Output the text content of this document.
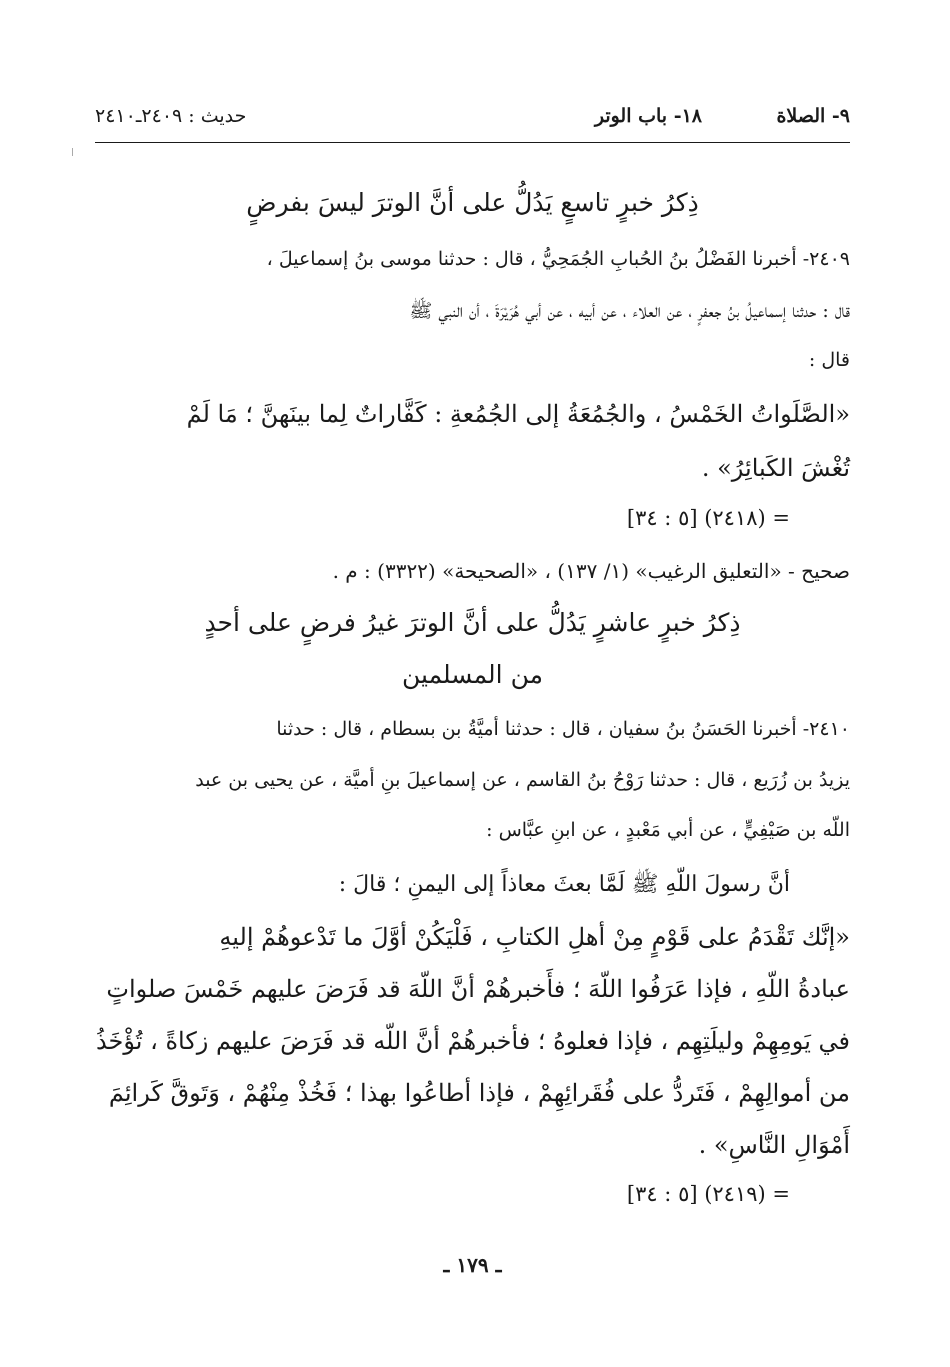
٩- الصلاة
١٨- باب الوتر
حديث : ٢٤٠٩ـ٢٤١٠
ذِكرُ خبرٍ تاسعٍ يَدُلُّ على أنَّ الوترَ ليسَ بفرضٍ
٢٤٠٩- أخبرنا الفَضْلُ بنُ الحُبابِ الجُمَحِيُّ ، قال : حدثنا موسى بنُ إسماعيلَ ،
قال : حدثنا إسماعيلُ بنُ جعفرٍ ، عن العلاء ، عن أبيه ، عن أبي هُرَيْرَةَ ، أن النبي ﷺ
قال :
«الصَّلَواتُ الخَمْسُ ، والجُمُعَةُ إلى الجُمُعةِ : كَفَّاراتٌ لِما بينَهنَّ ؛ مَا لَمْ
تُغْشَ الكَبائِرُ» .
= (٢٤١٨) [٥ : ٣٤]
صحيح - «التعليق الرغيب» (١/ ١٣٧) ، «الصحيحة» (٣٣٢٢) : م .
ذِكرُ خبرٍ عاشرٍ يَدُلُّ على أنَّ الوترَ غيرُ فرضٍ على أحدٍ
من المسلمين
٢٤١٠- أخبرنا الحَسَنُ بنُ سفيان ، قال : حدثنا أميَّةُ بن بسطام ، قال : حدثنا
يزيدُ بن زُرَيع ، قال : حدثنا رَوْحُ بنُ القاسم ، عن إسماعيلَ بنِ أميَّة ، عن يحيى بن عبد
اللّه بن صَيْفِيٍّ ، عن أبي مَعْبدٍ ، عن ابنِ عبَّاس :
أنَّ رسولَ اللّهِ ﷺ لَمَّا بعثَ معاذاً إلى اليمنِ ؛ قالَ :
«إنَّك تَقْدَمُ على قَوْمٍ مِنْ أهلِ الكتابِ ، فَلْيَكُنْ أوَّلَ ما تَدْعوهُمْ إليهِ
عبادةُ اللّهِ ، فإذا عَرَفُوا اللّهَ ؛ فأَخبرهُمْ أنَّ اللّهَ قد فَرَضَ عليهم خَمْسَ صلواتٍ
في يَومِهِمْ وليلَتِهِم ، فإذا فعلوهُ ؛ فأخبرهُمْ أنَّ اللّه قد فَرَضَ عليهم زكاةً ، تُؤْخَذُ
من أموالِهِمْ ، فَتَردُّ على فُقَرائِهِمْ ، فإذا أطاعُوا بهذا ؛ فَخُذْ مِنْهُمْ ، وَتَوقَّ كَرائِمَ
أَمْوَالِ النَّاسِ» .
= (٢٤١٩) [٥ : ٣٤]
ـ ١٧٩ ـ
